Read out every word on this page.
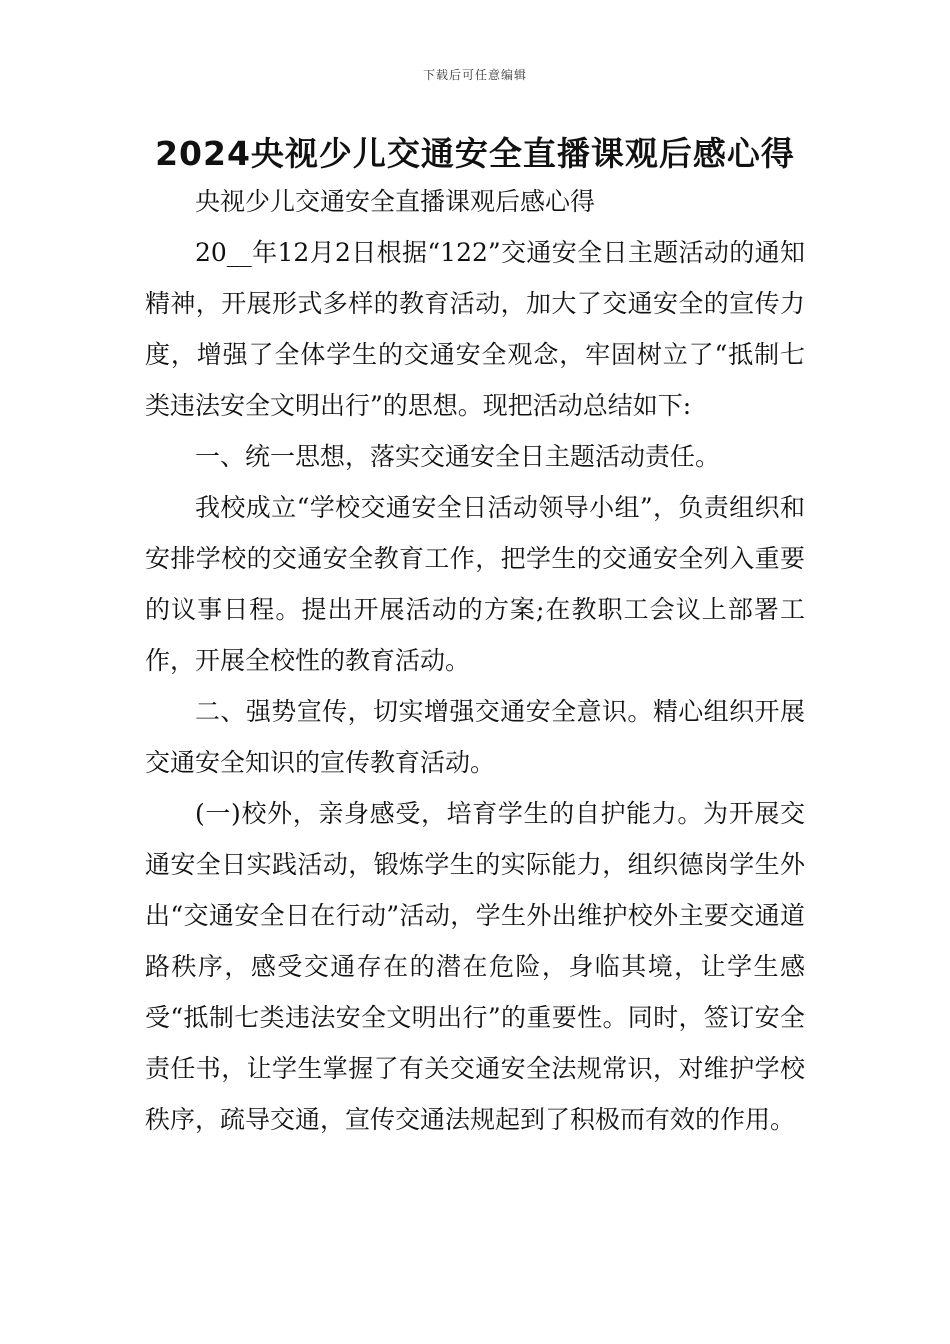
下载后可任意编辑
2024央视少儿交通安全直播课观后感心得

央视少儿交通安全直播课观后感心得

20__年12月2日根据“122”交通安全日主题活动的通知精神，开展形式多样的教育活动，加大了交通安全的宣传力度，增强了全体学生的交通安全观念，牢固树立了“抵制七类违法安全文明出行”的思想。现把活动总结如下:

一、统一思想，落实交通安全日主题活动责任。

我校成立“学校交通安全日活动领导小组”，负责组织和安排学校的交通安全教育工作，把学生的交通安全列入重要的议事日程。提出开展活动的方案;在教职工会议上部署工作，开展全校性的教育活动。

二、强势宣传，切实增强交通安全意识。精心组织开展交通安全知识的宣传教育活动。

(一)校外，亲身感受，培育学生的自护能力。为开展交通安全日实践活动，锻炼学生的实际能力，组织德岗学生外出“交通安全日在行动”活动，学生外出维护校外主要交通道路秩序，感受交通存在的潜在危险，身临其境，让学生感受“抵制七类违法安全文明出行”的重要性。同时，签订安全责任书，让学生掌握了有关交通安全法规常识，对维护学校秩序，疏导交通，宣传交通法规起到了积极而有效的作用。
